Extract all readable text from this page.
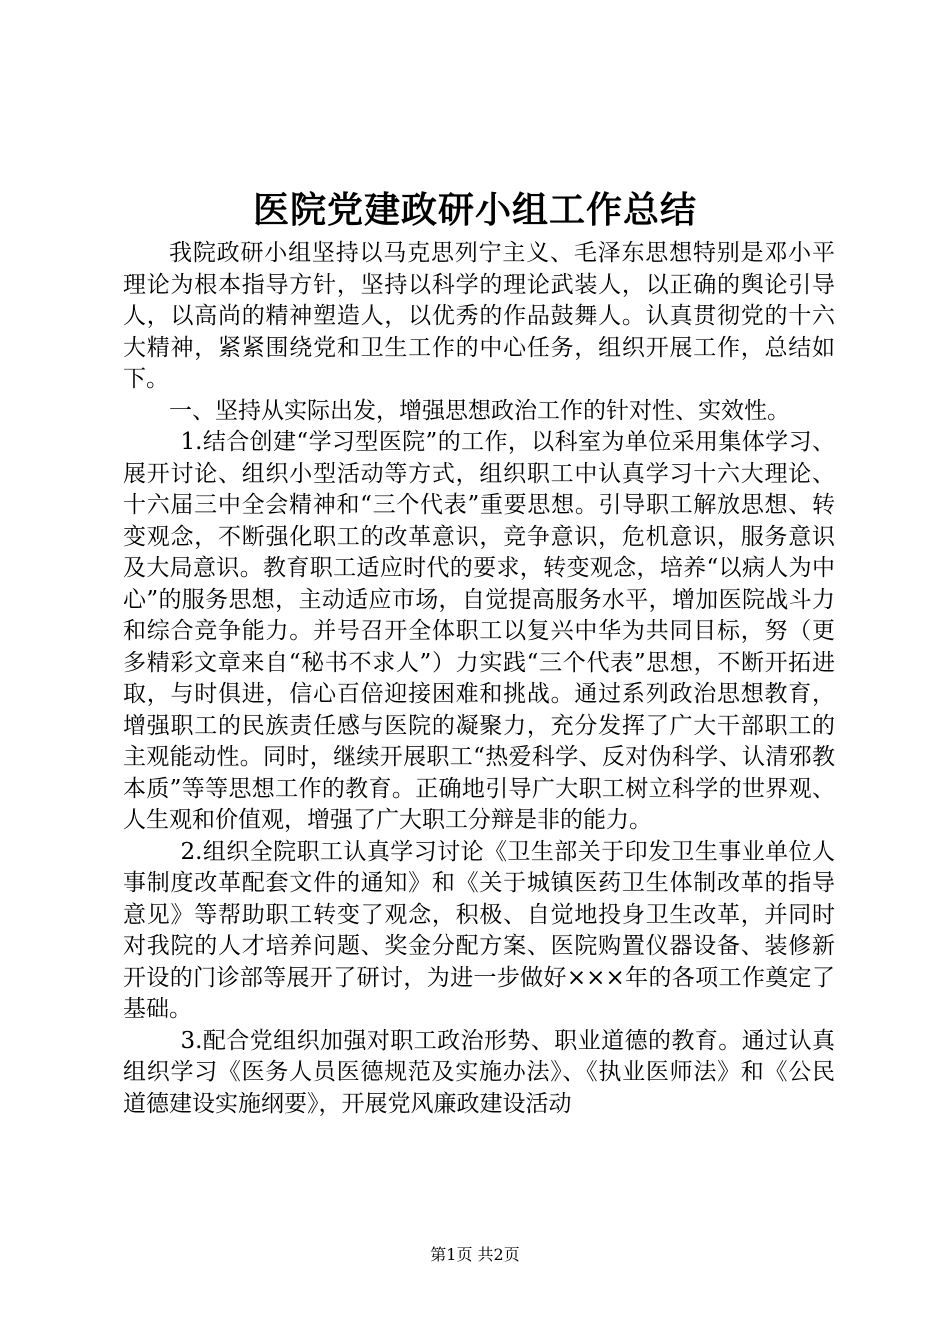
医院党建政研小组工作总结

我院政研小组坚持以马克思列宁主义、毛泽东思想特别是邓小平理论为根本指导方针，坚持以科学的理论武装人，以正确的舆论引导人，以高尚的精神塑造人，以优秀的作品鼓舞人。认真贯彻党的十六大精神，紧紧围绕党和卫生工作的中心任务，组织开展工作，总结如下。

一、坚持从实际出发，增强思想政治工作的针对性、实效性。

1.结合创建“学习型医院”的工作，以科室为单位采用集体学习、展开讨论、组织小型活动等方式，组织职工中认真学习十六大理论、十六届三中全会精神和“三个代表”重要思想。引导职工解放思想、转变观念，不断强化职工的改革意识，竞争意识，危机意识，服务意识及大局意识。教育职工适应时代的要求，转变观念，培养“以病人为中心”的服务思想，主动适应市场，自觉提高服务水平，增加医院战斗力和综合竞争能力。并号召开全体职工以复兴中华为共同目标，努（更多精彩文章来自“秘书不求人”）力实践“三个代表”思想，不断开拓进取，与时俱进，信心百倍迎接困难和挑战。通过系列政治思想教育，增强职工的民族责任感与医院的凝聚力，充分发挥了广大干部职工的主观能动性。同时，继续开展职工“热爱科学、反对伪科学、认清邪教本质”等等思想工作的教育。正确地引导广大职工树立科学的世界观、人生观和价值观，增强了广大职工分辩是非的能力。

2.组织全院职工认真学习讨论《卫生部关于印发卫生事业单位人事制度改革配套文件的通知》和《关于城镇医药卫生体制改革的指导意见》等帮助职工转变了观念，积极、自觉地投身卫生改革，并同时对我院的人才培养问题、奖金分配方案、医院购置仪器设备、装修新开设的门诊部等展开了研讨，为进一步做好×××年的各项工作奠定了基础。

3.配合党组织加强对职工政治形势、职业道德的教育。通过认真组织学习《医务人员医德规范及实施办法》、《执业医师法》和《公民道德建设实施纲要》，开展党风廉政建设活动

第1页 共2页
